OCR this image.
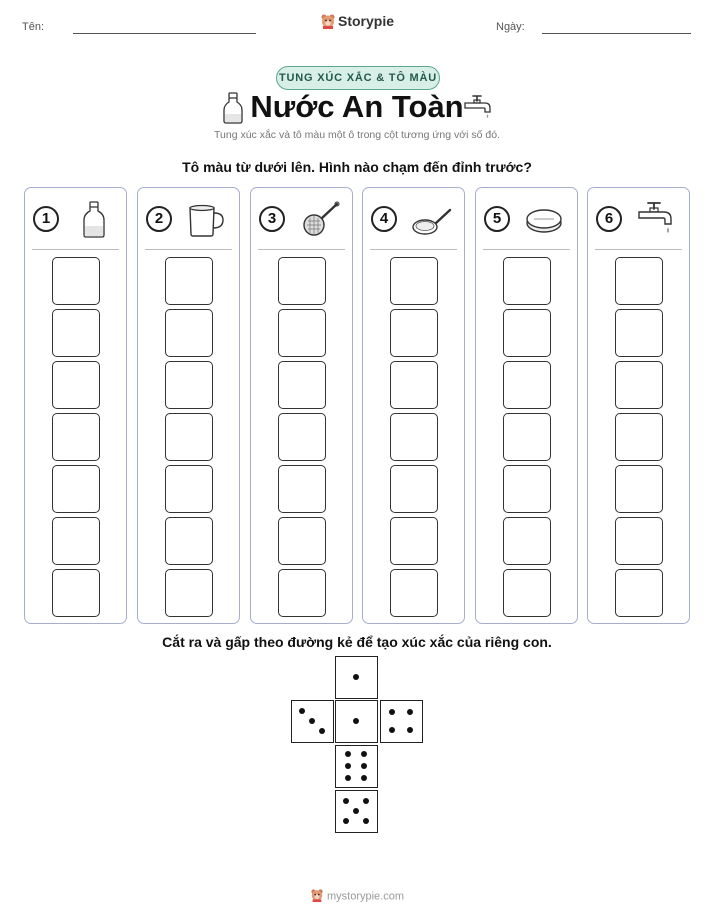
Tên:	Storypie	Ngày:
TUNG XÚC XẮC & TÔ MÀU
Nước An Toàn
Tung xúc xắc và tô màu một ô trong cột tương ứng với số đó.
Tô màu từ dưới lên. Hình nào chạm đến đỉnh trước?
1	2	3	4	5	6
Cắt ra và gấp theo đường kẻ để tạo xúc xắc của riêng con.
mystorypie.com
